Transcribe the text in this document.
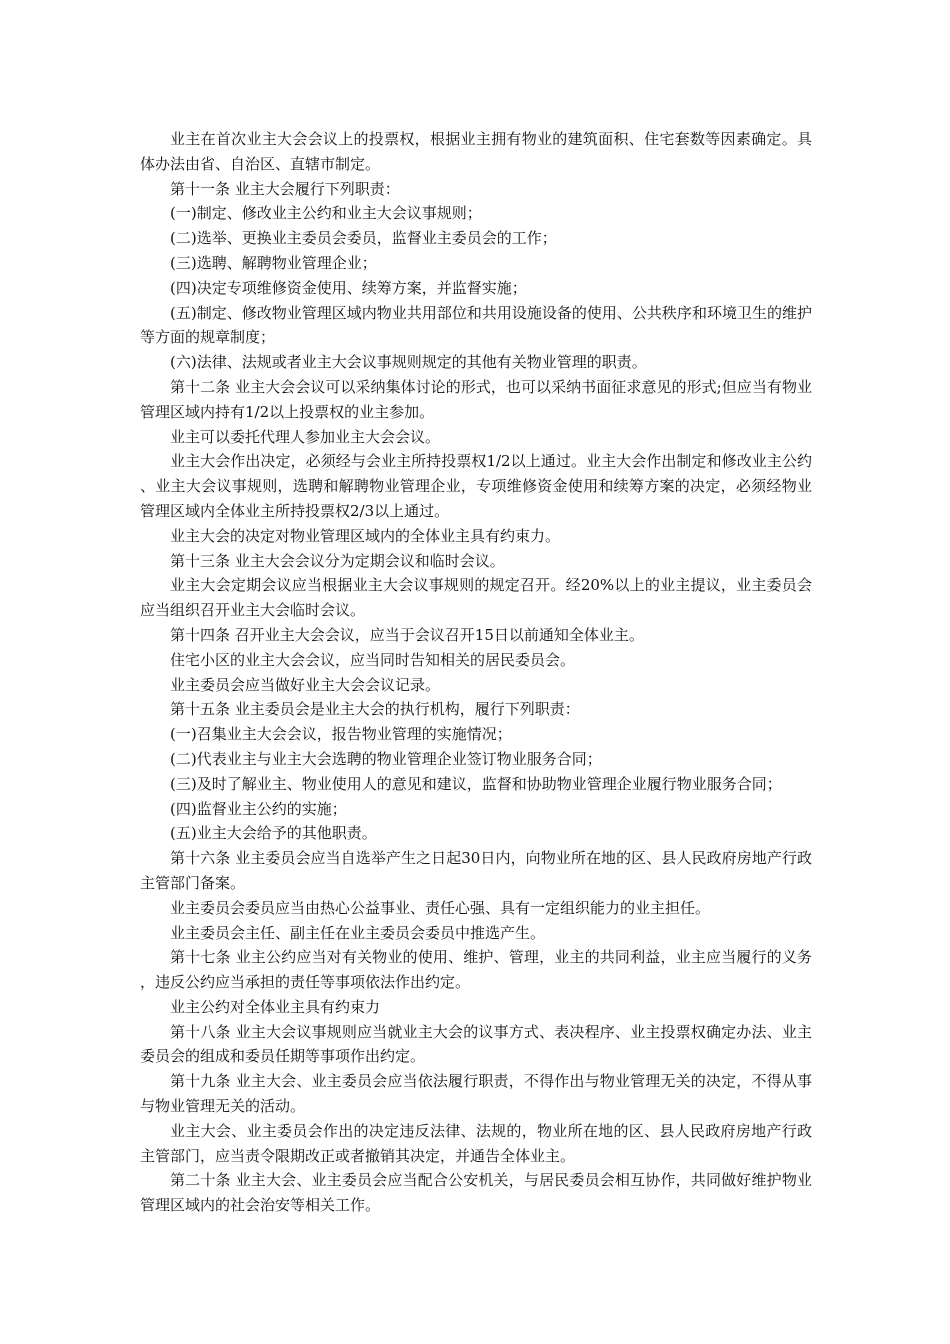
业主在首次业主大会会议上的投票权，根据业主拥有物业的建筑面积、住宅套数等因素确定。具体办法由省、自治区、直辖市制定。

第十一条 业主大会履行下列职责：

(一)制定、修改业主公约和业主大会议事规则；

(二)选举、更换业主委员会委员，监督业主委员会的工作；

(三)选聘、解聘物业管理企业；

(四)决定专项维修资金使用、续筹方案，并监督实施；

(五)制定、修改物业管理区域内物业共用部位和共用设施设备的使用、公共秩序和环境卫生的维护等方面的规章制度；

(六)法律、法规或者业主大会议事规则规定的其他有关物业管理的职责。

第十二条 业主大会会议可以采纳集体讨论的形式，也可以采纳书面征求意见的形式;但应当有物业管理区域内持有1/2以上投票权的业主参加。

业主可以委托代理人参加业主大会会议。

业主大会作出决定，必须经与会业主所持投票权1/2以上通过。业主大会作出制定和修改业主公约、业主大会议事规则，选聘和解聘物业管理企业，专项维修资金使用和续筹方案的决定，必须经物业管理区域内全体业主所持投票权2/3以上通过。

业主大会的决定对物业管理区域内的全体业主具有约束力。

第十三条 业主大会会议分为定期会议和临时会议。

业主大会定期会议应当根据业主大会议事规则的规定召开。经20%以上的业主提议，业主委员会应当组织召开业主大会临时会议。

第十四条 召开业主大会会议，应当于会议召开15日以前通知全体业主。

住宅小区的业主大会会议，应当同时告知相关的居民委员会。

业主委员会应当做好业主大会会议记录。

第十五条 业主委员会是业主大会的执行机构，履行下列职责：

(一)召集业主大会会议，报告物业管理的实施情况；

(二)代表业主与业主大会选聘的物业管理企业签订物业服务合同；

(三)及时了解业主、物业使用人的意见和建议，监督和协助物业管理企业履行物业服务合同；

(四)监督业主公约的实施；

(五)业主大会给予的其他职责。

第十六条 业主委员会应当自选举产生之日起30日内，向物业所在地的区、县人民政府房地产行政主管部门备案。

业主委员会委员应当由热心公益事业、责任心强、具有一定组织能力的业主担任。

业主委员会主任、副主任在业主委员会委员中推选产生。

第十七条 业主公约应当对有关物业的使用、维护、管理，业主的共同利益，业主应当履行的义务，违反公约应当承担的责任等事项依法作出约定。

业主公约对全体业主具有约束力

第十八条 业主大会议事规则应当就业主大会的议事方式、表决程序、业主投票权确定办法、业主委员会的组成和委员任期等事项作出约定。

第十九条 业主大会、业主委员会应当依法履行职责，不得作出与物业管理无关的决定，不得从事与物业管理无关的活动。

业主大会、业主委员会作出的决定违反法律、法规的，物业所在地的区、县人民政府房地产行政主管部门，应当责令限期改正或者撤销其决定，并通告全体业主。

第二十条 业主大会、业主委员会应当配合公安机关，与居民委员会相互协作，共同做好维护物业管理区域内的社会治安等相关工作。
